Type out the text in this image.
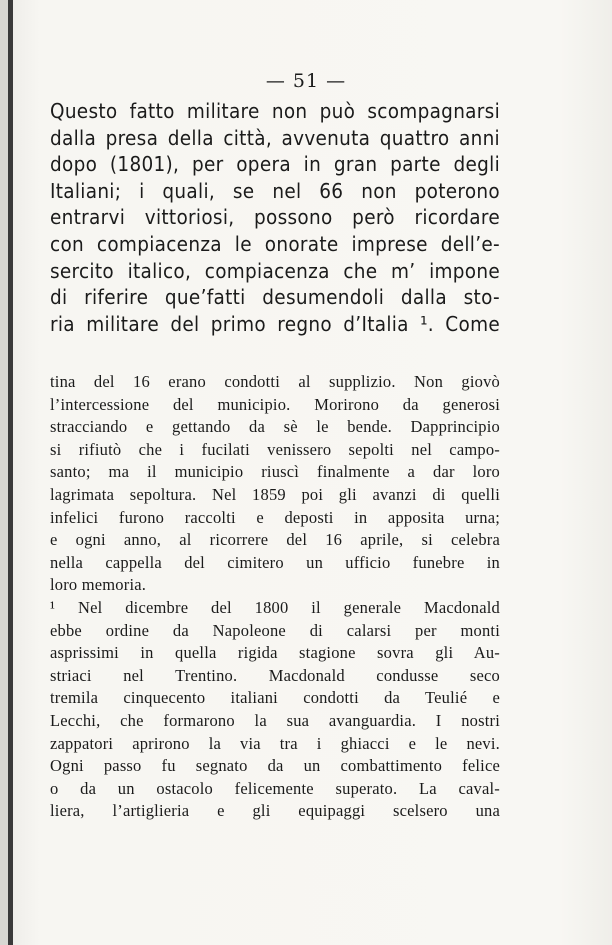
— 51 —
Questo fatto militare non può scompagnarsi
dalla presa della città, avvenuta quattro anni
dopo (1801), per opera in gran parte degli
Italiani; i quali, se nel 66 non poterono
entrarvi vittoriosi, possono però ricordare
con compiacenza le onorate imprese dell’e-
sercito italico, compiacenza che m’ impone
di riferire que’fatti desumendoli dalla sto-
ria militare del primo regno d’Italia ¹. Come
tina del 16 erano condotti al supplizio. Non giovò
l’intercessione del municipio. Morirono da generosi
stracciando e gettando da sè le bende. Dapprincipio
si rifiutò che i fucilati venissero sepolti nel campo-
santo; ma il municipio riuscì finalmente a dar loro
lagrimata sepoltura. Nel 1859 poi gli avanzi di quelli
infelici furono raccolti e deposti in apposita urna;
e ogni anno, al ricorrere del 16 aprile, si celebra
nella cappella del cimitero un ufficio funebre in
loro memoria.
¹ Nel dicembre del 1800 il generale Macdonald
ebbe ordine da Napoleone di calarsi per monti
asprissimi in quella rigida stagione sovra gli Au-
striaci nel Trentino. Macdonald condusse seco
tremila cinquecento italiani condotti da Teulié e
Lecchi, che formarono la sua avanguardia. I nostri
zappatori aprirono la via tra i ghiacci e le nevi.
Ogni passo fu segnato da un combattimento felice
o da un ostacolo felicemente superato. La caval-
liera, l’artiglieria e gli equipaggi scelsero una
